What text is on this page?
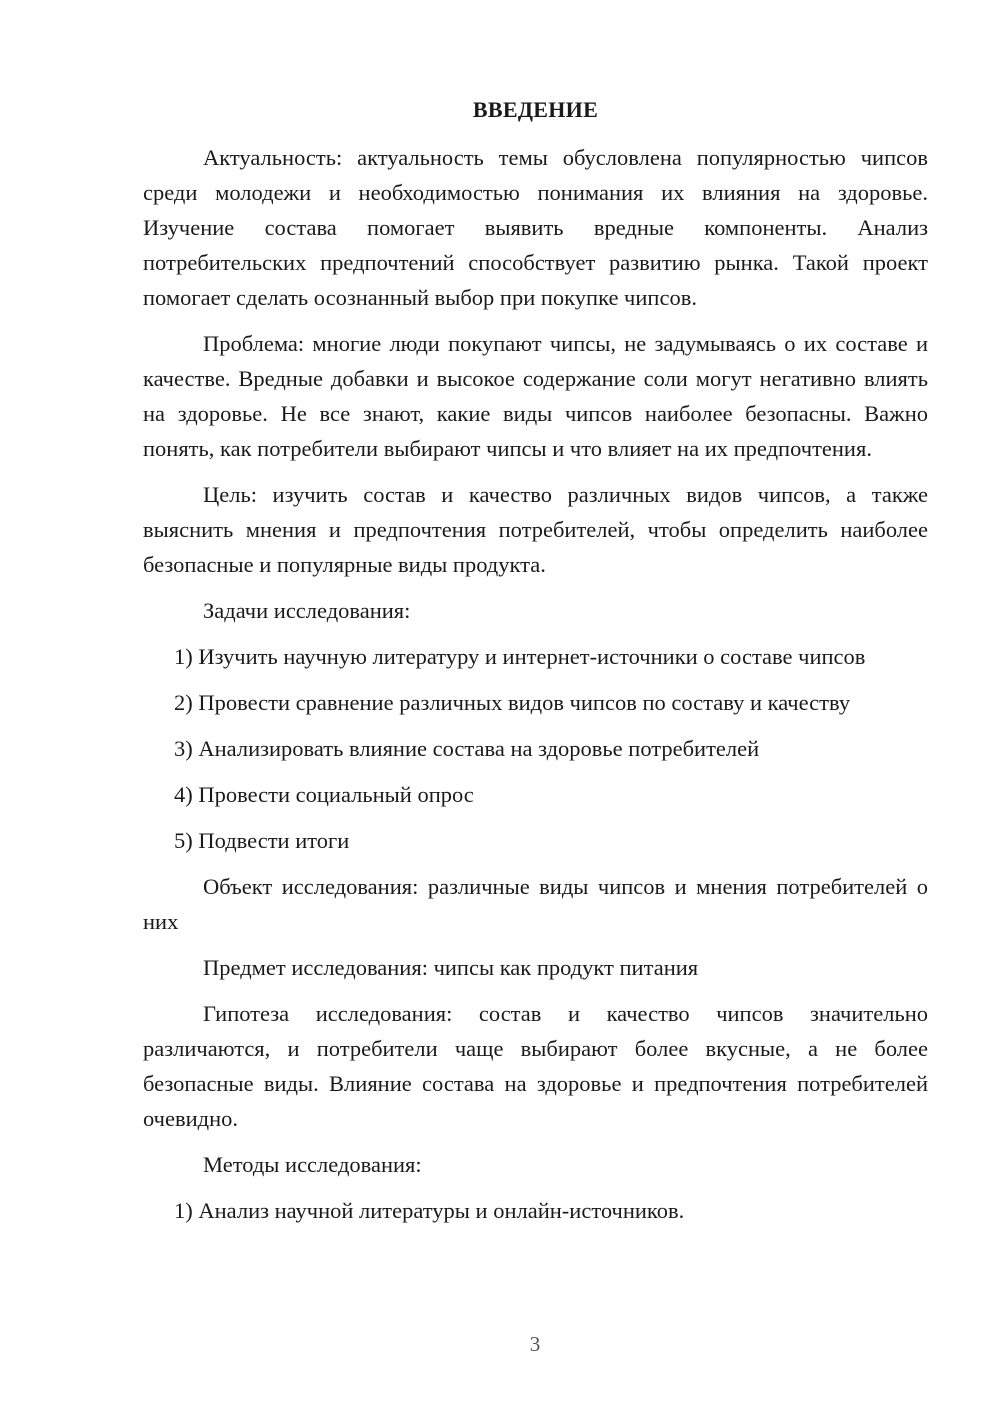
ВВЕДЕНИЕ

Актуальность: актуальность темы обусловлена популярностью чипсов среди молодежи и необходимостью понимания их влияния на здоровье. Изучение состава помогает выявить вредные компоненты. Анализ потребительских предпочтений способствует развитию рынка. Такой проект помогает сделать осознанный выбор при покупке чипсов.

Проблема: многие люди покупают чипсы, не задумываясь о их составе и качестве. Вредные добавки и высокое содержание соли могут негативно влиять на здоровье. Не все знают, какие виды чипсов наиболее безопасны. Важно понять, как потребители выбирают чипсы и что влияет на их предпочтения.

Цель: изучить состав и качество различных видов чипсов, а также выяснить мнения и предпочтения потребителей, чтобы определить наиболее безопасные и популярные виды продукта.

Задачи исследования:

1) Изучить научную литературу и интернет-источники о составе чипсов

2) Провести сравнение различных видов чипсов по составу и качеству

3) Анализировать влияние состава на здоровье потребителей

4) Провести социальный опрос

5) Подвести итоги

Объект исследования: различные виды чипсов и мнения потребителей о них

Предмет исследования: чипсы как продукт питания

Гипотеза исследования: состав и качество чипсов значительно различаются, и потребители чаще выбирают более вкусные, а не более безопасные виды. Влияние состава на здоровье и предпочтения потребителей очевидно.

Методы исследования:

1) Анализ научной литературы и онлайн-источников.

3
